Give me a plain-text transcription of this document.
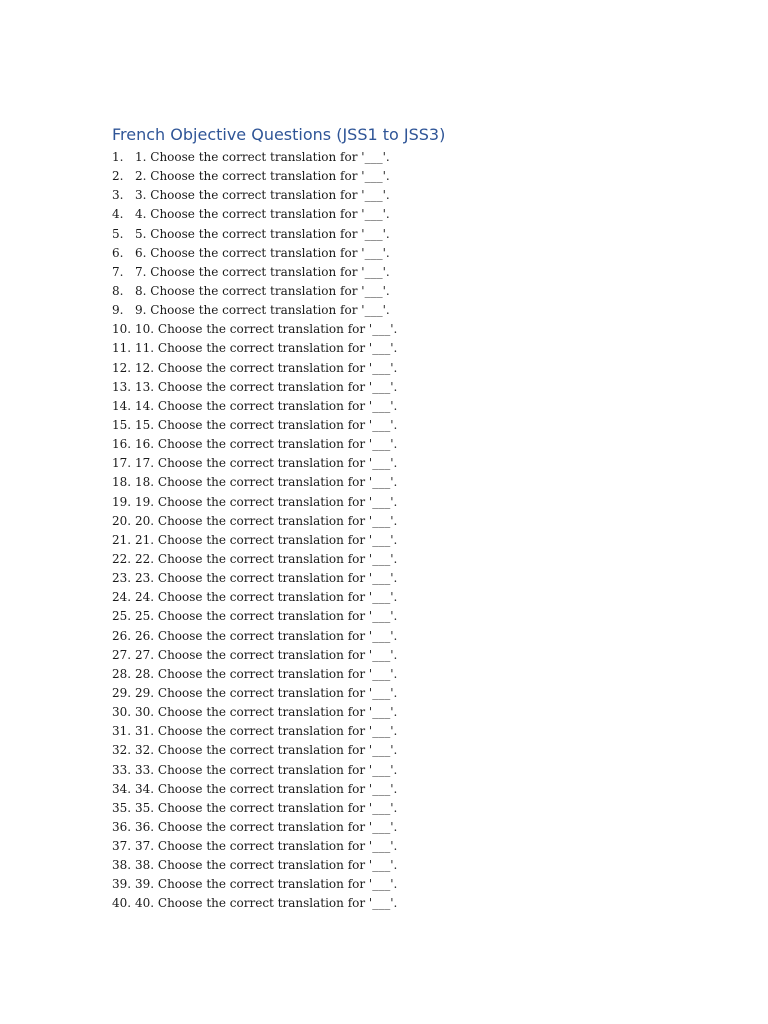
French Objective Questions (JSS1 to JSS3)
1. 1. Choose the correct translation for '___'.
2. 2. Choose the correct translation for '___'.
3. 3. Choose the correct translation for '___'.
4. 4. Choose the correct translation for '___'.
5. 5. Choose the correct translation for '___'.
6. 6. Choose the correct translation for '___'.
7. 7. Choose the correct translation for '___'.
8. 8. Choose the correct translation for '___'.
9. 9. Choose the correct translation for '___'.
10. 10. Choose the correct translation for '___'.
11. 11. Choose the correct translation for '___'.
12. 12. Choose the correct translation for '___'.
13. 13. Choose the correct translation for '___'.
14. 14. Choose the correct translation for '___'.
15. 15. Choose the correct translation for '___'.
16. 16. Choose the correct translation for '___'.
17. 17. Choose the correct translation for '___'.
18. 18. Choose the correct translation for '___'.
19. 19. Choose the correct translation for '___'.
20. 20. Choose the correct translation for '___'.
21. 21. Choose the correct translation for '___'.
22. 22. Choose the correct translation for '___'.
23. 23. Choose the correct translation for '___'.
24. 24. Choose the correct translation for '___'.
25. 25. Choose the correct translation for '___'.
26. 26. Choose the correct translation for '___'.
27. 27. Choose the correct translation for '___'.
28. 28. Choose the correct translation for '___'.
29. 29. Choose the correct translation for '___'.
30. 30. Choose the correct translation for '___'.
31. 31. Choose the correct translation for '___'.
32. 32. Choose the correct translation for '___'.
33. 33. Choose the correct translation for '___'.
34. 34. Choose the correct translation for '___'.
35. 35. Choose the correct translation for '___'.
36. 36. Choose the correct translation for '___'.
37. 37. Choose the correct translation for '___'.
38. 38. Choose the correct translation for '___'.
39. 39. Choose the correct translation for '___'.
40. 40. Choose the correct translation for '___'.
